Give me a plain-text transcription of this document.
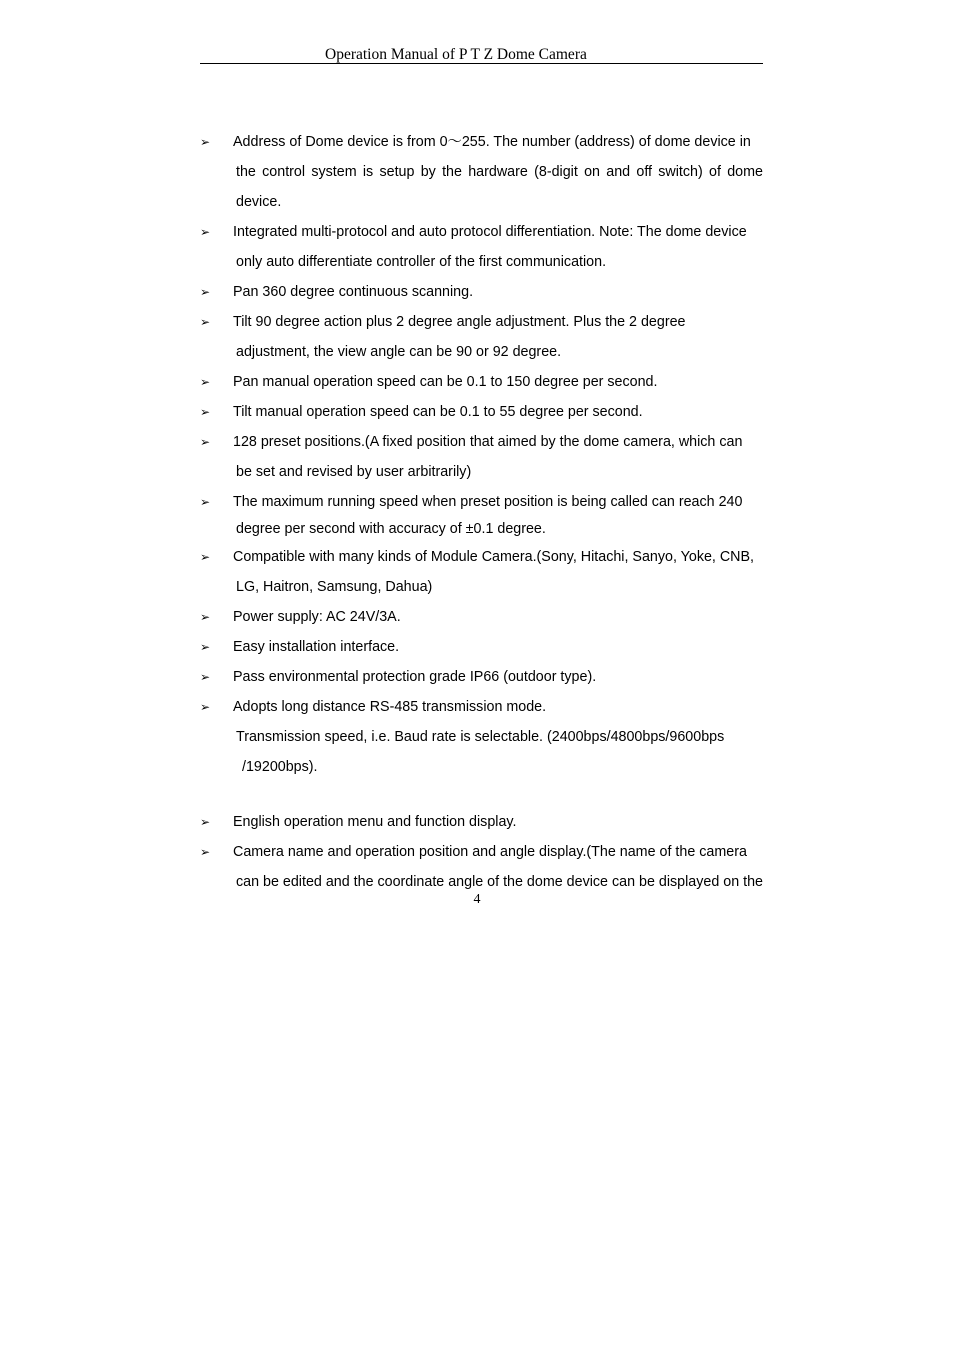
Operation Manual of P T Z Dome Camera
➢ Address of Dome device is from 0～255. The number (address) of dome device in
the control system is setup by the hardware (8-digit on and off switch) of dome
device.
➢ Integrated multi-protocol and auto protocol differentiation. Note: The dome device
only auto differentiate controller of the first communication.
➢ Pan 360 degree continuous scanning.
➢ Tilt 90 degree action plus 2 degree angle adjustment. Plus the 2 degree
adjustment, the view angle can be 90 or 92 degree.
➢ Pan manual operation speed can be 0.1 to 150 degree per second.
➢ Tilt manual operation speed can be 0.1 to 55 degree per second.
➢ 128 preset positions.(A fixed position that aimed by the dome camera, which can
be set and revised by user arbitrarily)
➢ The maximum running speed when preset position is being called can reach 240
degree per second with accuracy of ±0.1 degree.
➢ Compatible with many kinds of Module Camera.(Sony, Hitachi, Sanyo, Yoke, CNB,
LG, Haitron, Samsung, Dahua)
➢ Power supply: AC 24V/3A.
➢ Easy installation interface.
➢ Pass environmental protection grade IP66 (outdoor type).
➢ Adopts long distance RS-485 transmission mode.
Transmission speed, i.e. Baud rate is selectable. (2400bps/4800bps/9600bps
/19200bps).
➢ English operation menu and function display.
➢ Camera name and operation position and angle display.(The name of the camera
can be edited and the coordinate angle of the dome device can be displayed on the
4
